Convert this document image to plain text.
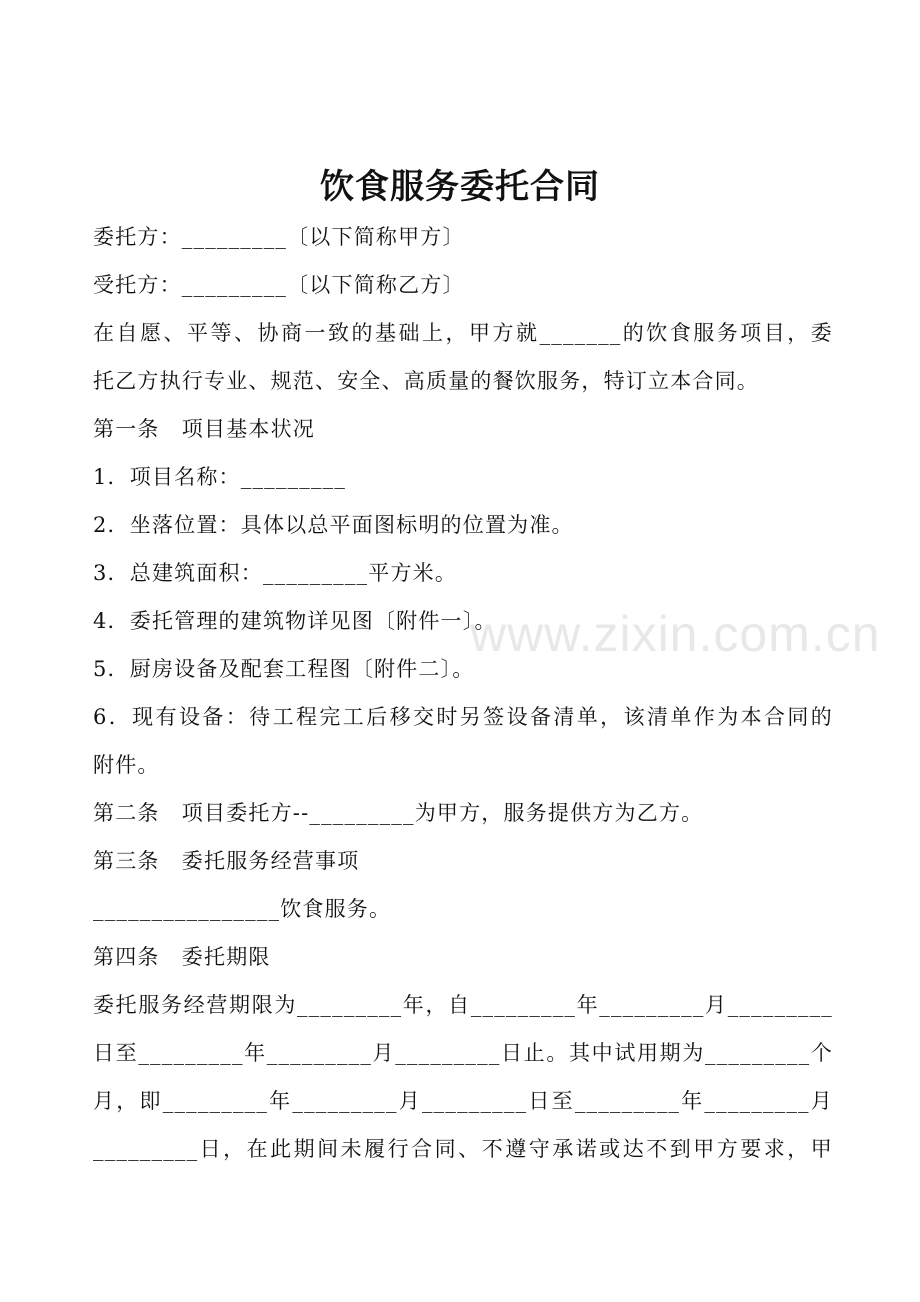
饮食服务委托合同
www.zixin.com.cn
委托方：_________〔以下简称甲方〕
受托方：_________〔以下简称乙方〕
在自愿、平等、协商一致的基础上，甲方就_______的饮食服务项目，委
托乙方执行专业、规范、安全、高质量的餐饮服务，特订立本合同。
第一条　项目基本状况
1．项目名称：_________
2．坐落位置：具体以总平面图标明的位置为准。
3．总建筑面积：_________平方米。
4．委托管理的建筑物详见图〔附件一〕。
5．厨房设备及配套工程图〔附件二〕。
6．现有设备：待工程完工后移交时另签设备清单，该清单作为本合同的
附件。
第二条　项目委托方--_________为甲方，服务提供方为乙方。
第三条　委托服务经营事项
________________饮食服务。
第四条　委托期限
委托服务经营期限为_________年，自_________年_________月_________
日至_________年_________月_________日止。其中试用期为_________个
月，即_________年_________月_________日至_________年_________月
_________日，在此期间未履行合同、不遵守承诺或达不到甲方要求，甲
